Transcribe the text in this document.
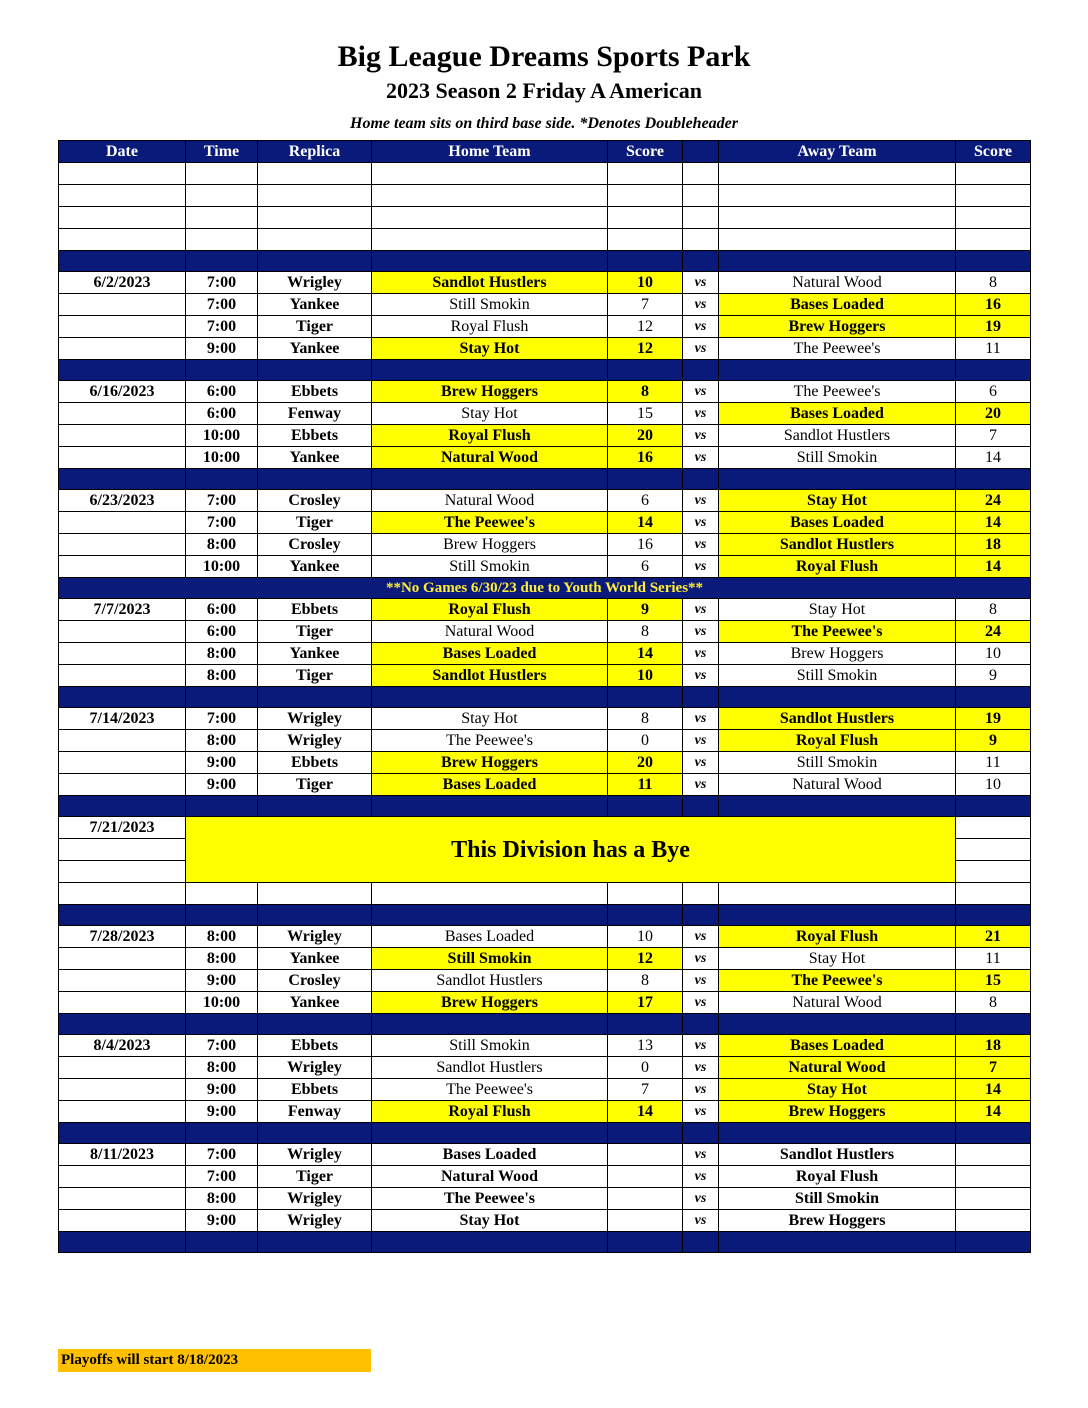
Big League Dreams Sports Park
2023 Season 2 Friday A American
Home team sits on third base side. *Denotes Doubleheader
Date	Time	Replica	Home Team	Score		Away Team	Score

6/2/2023	7:00	Wrigley	Sandlot Hustlers	10	vs	Natural Wood	8
	7:00	Yankee	Still Smokin	7	vs	Bases Loaded	16
	7:00	Tiger	Royal Flush	12	vs	Brew Hoggers	19
	9:00	Yankee	Stay Hot	12	vs	The Peewee's	11

6/16/2023	6:00	Ebbets	Brew Hoggers	8	vs	The Peewee's	6
	6:00	Fenway	Stay Hot	15	vs	Bases Loaded	20
	10:00	Ebbets	Royal Flush	20	vs	Sandlot Hustlers	7
	10:00	Yankee	Natural Wood	16	vs	Still Smokin	14

6/23/2023	7:00	Crosley	Natural Wood	6	vs	Stay Hot	24
	7:00	Tiger	The Peewee's	14	vs	Bases Loaded	14
	8:00	Crosley	Brew Hoggers	16	vs	Sandlot Hustlers	18
	10:00	Yankee	Still Smokin	6	vs	Royal Flush	14
**No Games 6/30/23 due to Youth World Series**							
7/7/2023	6:00	Ebbets	Royal Flush	9	vs	Stay Hot	8
	6:00	Tiger	Natural Wood	8	vs	The Peewee's	24
	8:00	Yankee	Bases Loaded	14	vs	Brew Hoggers	10
	8:00	Tiger	Sandlot Hustlers	10	vs	Still Smokin	9

7/14/2023	7:00	Wrigley	Stay Hot	8	vs	Sandlot Hustlers	19
	8:00	Wrigley	The Peewee's	0	vs	Royal Flush	9
	9:00	Ebbets	Brew Hoggers	20	vs	Still Smokin	11
	9:00	Tiger	Bases Loaded	11	vs	Natural Wood	10

7/21/2023	This Division has a Bye						

7/28/2023	8:00	Wrigley	Bases Loaded	10	vs	Royal Flush	21
	8:00	Yankee	Still Smokin	12	vs	Stay Hot	11
	9:00	Crosley	Sandlot Hustlers	8	vs	The Peewee's	15
	10:00	Yankee	Brew Hoggers	17	vs	Natural Wood	8

8/4/2023	7:00	Ebbets	Still Smokin	13	vs	Bases Loaded	18
	8:00	Wrigley	Sandlot Hustlers	0	vs	Natural Wood	7
	9:00	Ebbets	The Peewee's	7	vs	Stay Hot	14
	9:00	Fenway	Royal Flush	14	vs	Brew Hoggers	14

8/11/2023	7:00	Wrigley	Bases Loaded		vs	Sandlot Hustlers	
	7:00	Tiger	Natural Wood		vs	Royal Flush	
	8:00	Wrigley	The Peewee's		vs	Still Smokin	
	9:00	Wrigley	Stay Hot		vs	Brew Hoggers	

Playoffs will start 8/18/2023
